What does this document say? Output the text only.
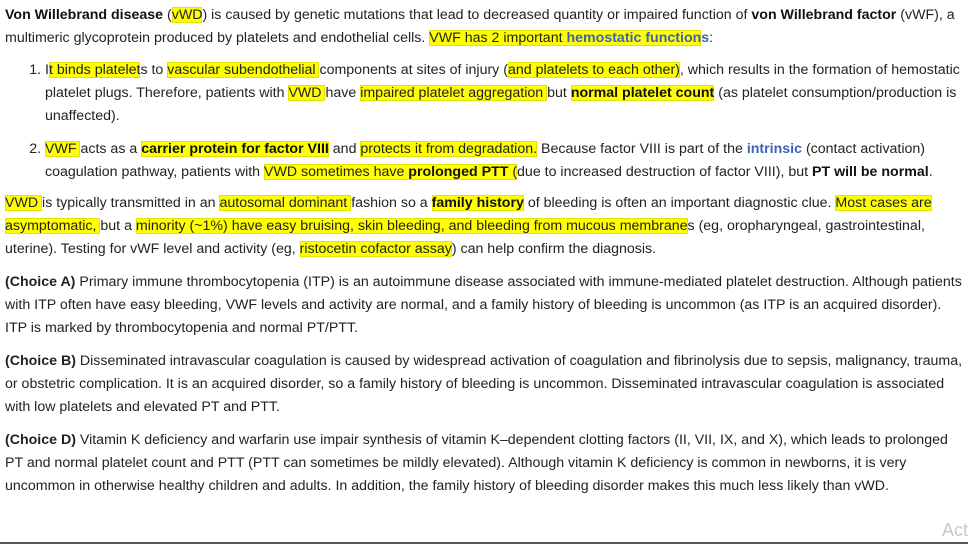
Von Willebrand disease (vWD) is caused by genetic mutations that lead to decreased quantity or impaired function of von Willebrand factor (vWF), a multimeric glycoprotein produced by platelets and endothelial cells. VWF has 2 important hemostatic functions:

1. It binds platelets to vascular subendothelial components at sites of injury (and platelets to each other), which results in the formation of hemostatic platelet plugs. Therefore, patients with VWD have impaired platelet aggregation but normal platelet count (as platelet consumption/production is unaffected).
2. VWF acts as a carrier protein for factor VIII and protects it from degradation. Because factor VIII is part of the intrinsic (contact activation) coagulation pathway, patients with VWD sometimes have prolonged PTT (due to increased destruction of factor VIII), but PT will be normal.

VWD is typically transmitted in an autosomal dominant fashion so a family history of bleeding is often an important diagnostic clue. Most cases are asymptomatic, but a minority (~1%) have easy bruising, skin bleeding, and bleeding from mucous membranes (eg, oropharyngeal, gastrointestinal, uterine). Testing for vWF level and activity (eg, ristocetin cofactor assay) can help confirm the diagnosis.

(Choice A) Primary immune thrombocytopenia (ITP) is an autoimmune disease associated with immune-mediated platelet destruction. Although patients with ITP often have easy bleeding, VWF levels and activity are normal, and a family history of bleeding is uncommon (as ITP is an acquired disorder). ITP is marked by thrombocytopenia and normal PT/PTT.

(Choice B) Disseminated intravascular coagulation is caused by widespread activation of coagulation and fibrinolysis due to sepsis, malignancy, trauma, or obstetric complication. It is an acquired disorder, so a family history of bleeding is uncommon. Disseminated intravascular coagulation is associated with low platelets and elevated PT and PTT.

(Choice D) Vitamin K deficiency and warfarin use impair synthesis of vitamin K–dependent clotting factors (II, VII, IX, and X), which leads to prolonged PT and normal platelet count and PTT (PTT can sometimes be mildly elevated). Although vitamin K deficiency is common in newborns, it is very uncommon in otherwise healthy children and adults. In addition, the family history of bleeding disorder makes this much less likely than vWD.

Act
